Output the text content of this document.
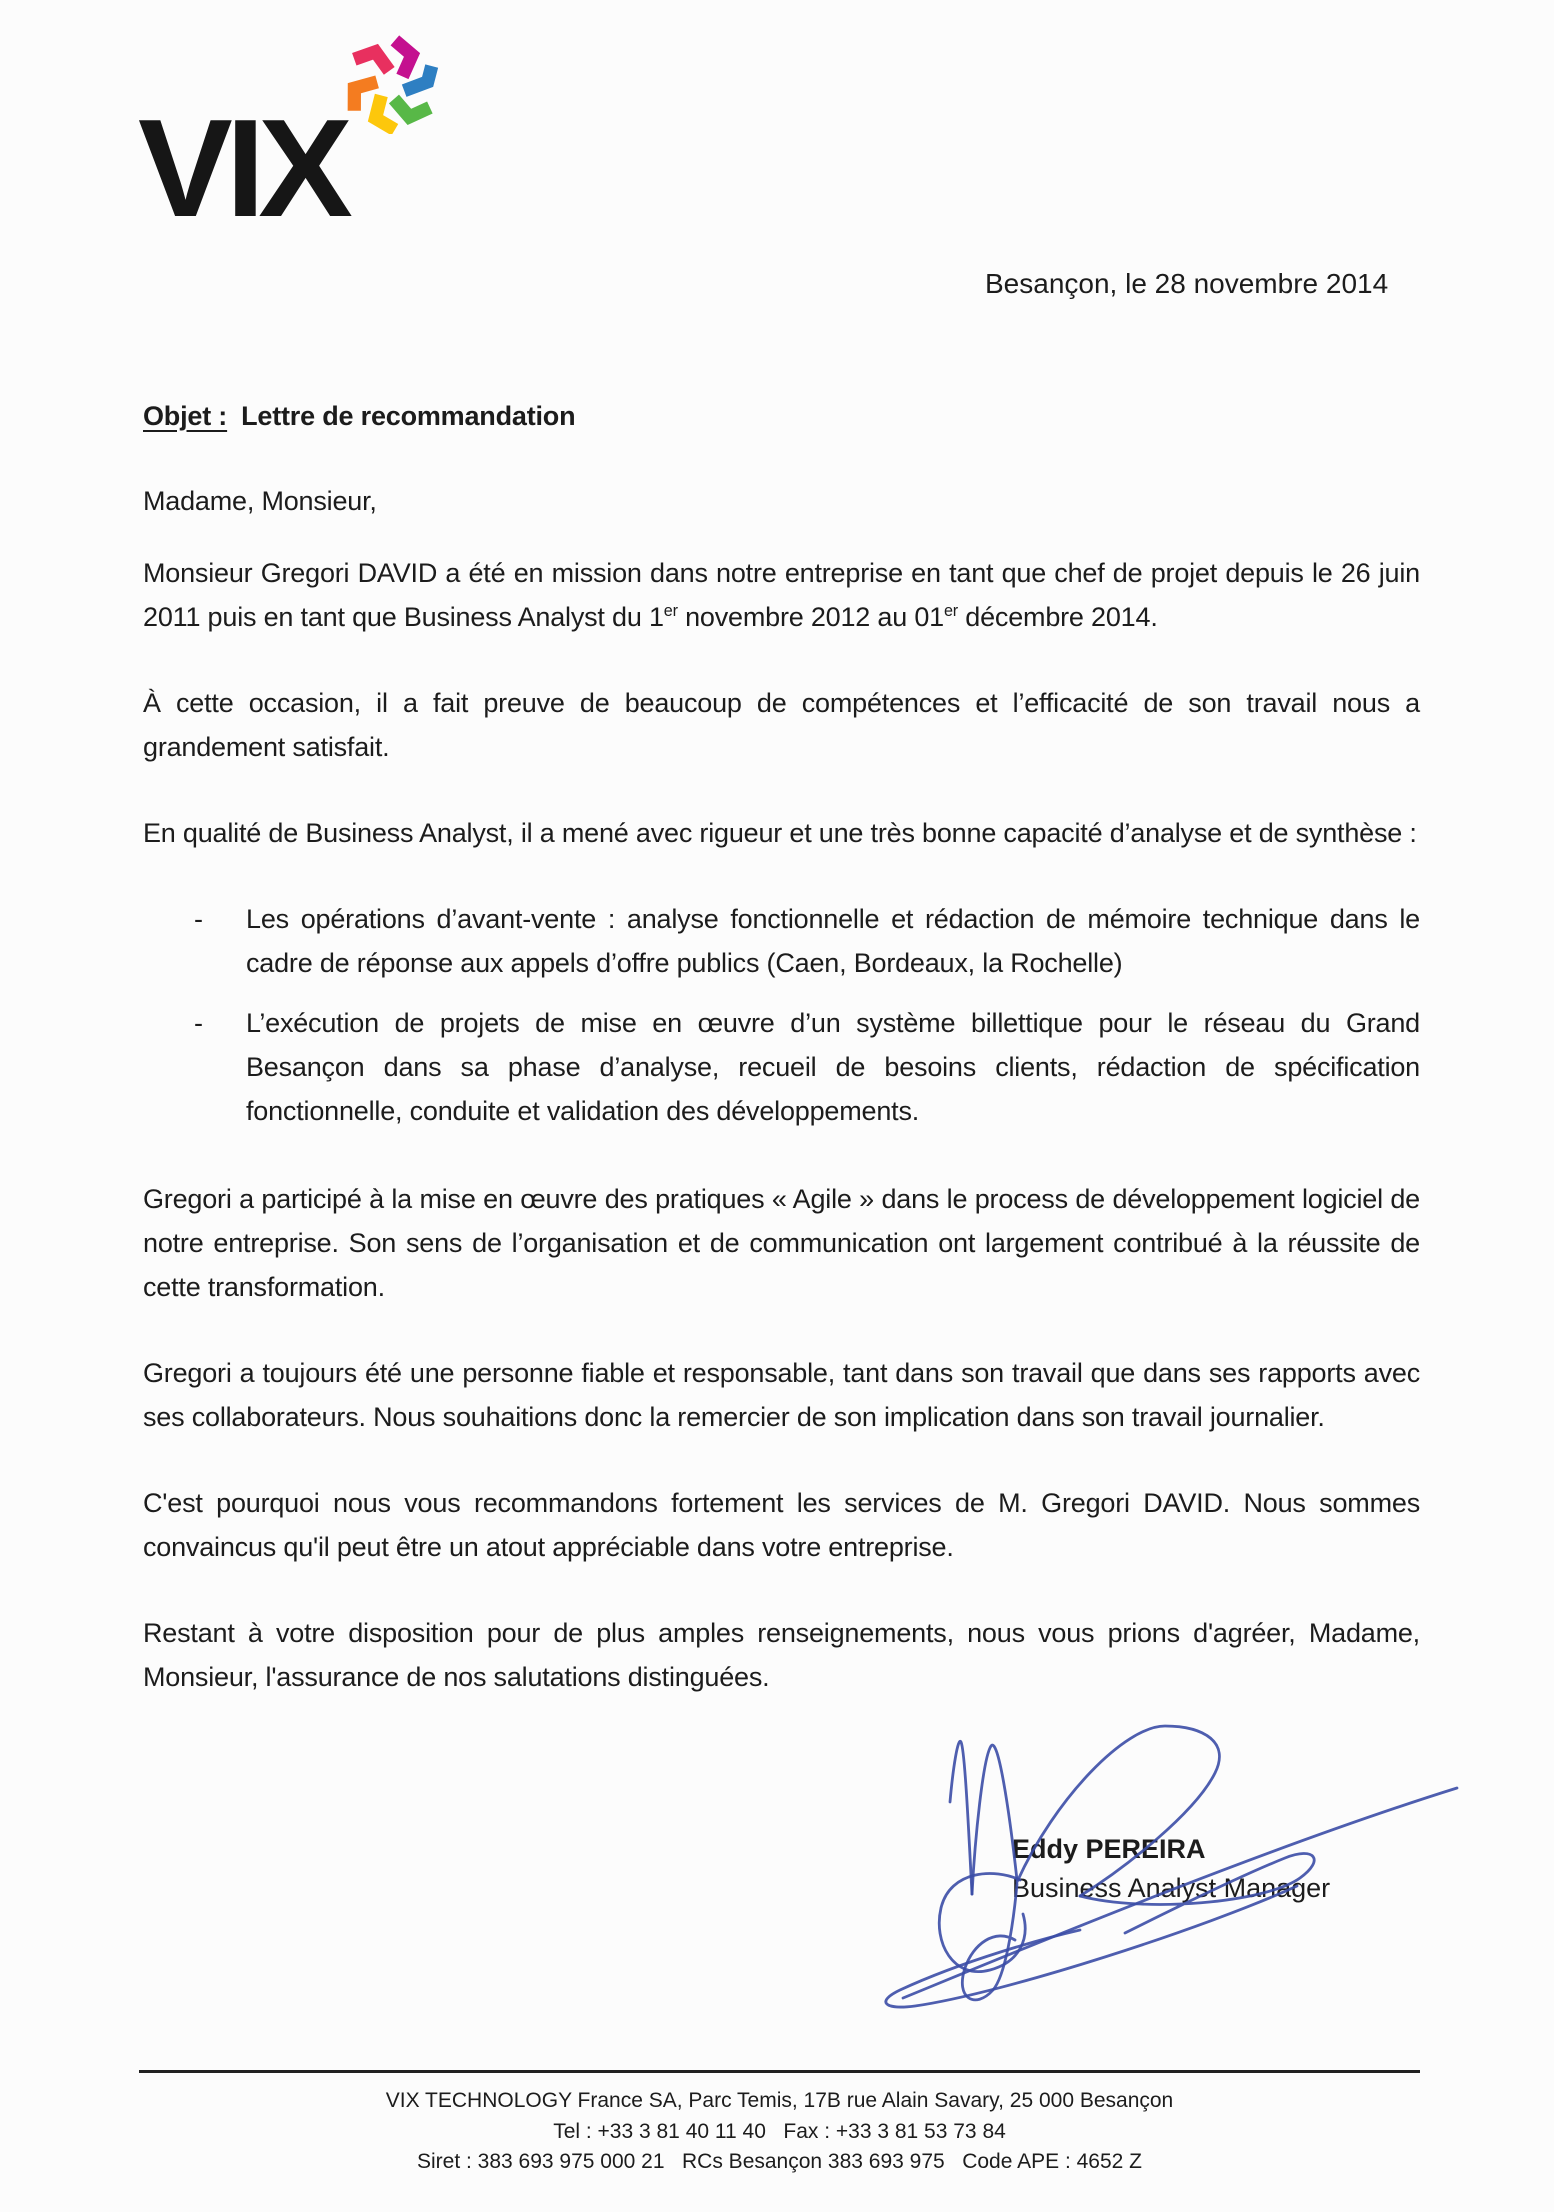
VIX
Besançon, le 28 novembre 2014

Objet : Lettre de recommandation

Madame, Monsieur,

Monsieur Gregori DAVID a été en mission dans notre entreprise en tant que chef de projet depuis le 26 juin 2011 puis en tant que Business Analyst du 1er novembre 2012 au 01er décembre 2014.

À cette occasion, il a fait preuve de beaucoup de compétences et l’efficacité de son travail nous a grandement satisfait.

En qualité de Business Analyst, il a mené avec rigueur et une très bonne capacité d’analyse et de synthèse :

-	Les opérations d’avant-vente : analyse fonctionnelle et rédaction de mémoire technique dans le cadre de réponse aux appels d’offre publics (Caen, Bordeaux, la Rochelle)
-	L’exécution de projets de mise en œuvre d’un système billettique pour le réseau du Grand Besançon dans sa phase d’analyse, recueil de besoins clients, rédaction de spécification fonctionnelle, conduite et validation des développements.

Gregori a participé à la mise en œuvre des pratiques « Agile » dans le process de développement logiciel de notre entreprise. Son sens de l’organisation et de communication ont largement contribué à la réussite de cette transformation.

Gregori a toujours été une personne fiable et responsable, tant dans son travail que dans ses rapports avec ses collaborateurs. Nous souhaitions donc la remercier de son implication dans son travail journalier.

C'est pourquoi nous vous recommandons fortement les services de M. Gregori DAVID. Nous sommes convaincus qu'il peut être un atout appréciable dans votre entreprise.

Restant à votre disposition pour de plus amples renseignements, nous vous prions d'agréer, Madame, Monsieur, l'assurance de nos salutations distinguées.

Eddy PEREIRA
Business Analyst Manager
VIX TECHNOLOGY France SA, Parc Temis, 17B rue Alain Savary, 25 000 Besançon
Tel : +33 3 81 40 11 40   Fax : +33 3 81 53 73 84
Siret : 383 693 975 000 21   RCs Besançon 383 693 975   Code APE : 4652 Z
